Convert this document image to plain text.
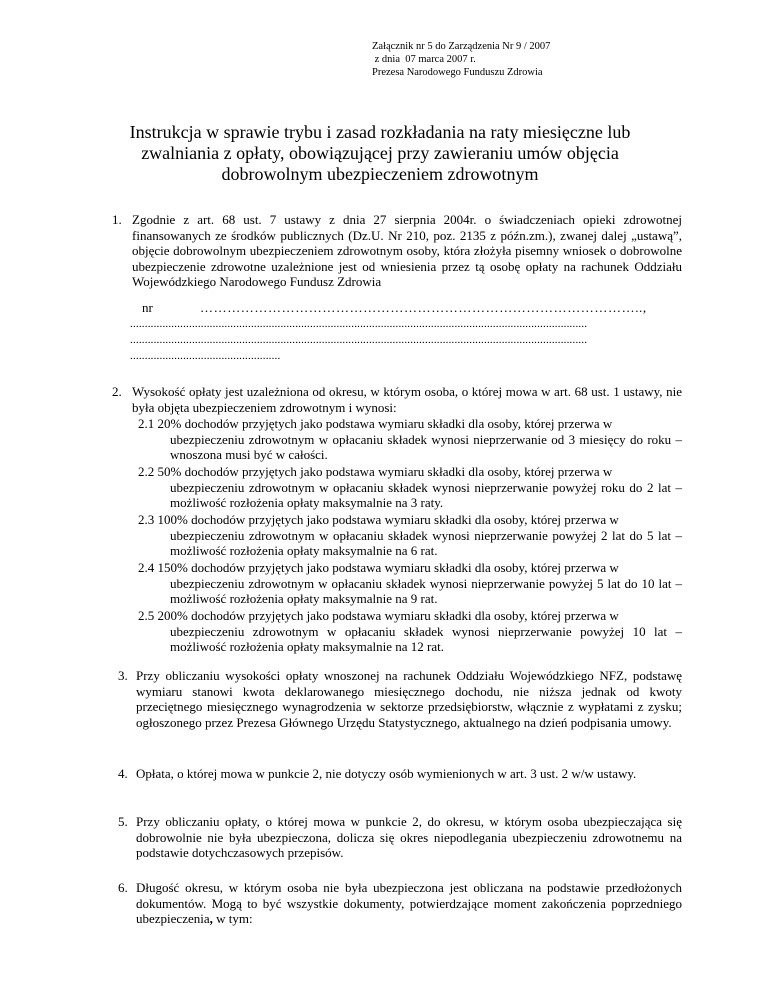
Załącznik nr 5 do Zarządzenia Nr 9 / 2007
z dnia  07 marca 2007 r.
Prezesa Narodowego Funduszu Zdrowia
Instrukcja w sprawie trybu i zasad rozkładania na raty miesięczne lub zwalniania z opłaty, obowiązującej przy zawieraniu umów objęcia dobrowolnym ubezpieczeniem zdrowotnym
1. Zgodnie z art. 68 ust. 7 ustawy z dnia 27 sierpnia 2004r. o świadczeniach opieki zdrowotnej finansowanych ze środków publicznych (Dz.U. Nr 210, poz. 2135 z późn.zm.), zwanej dalej „ustawą”, objęcie dobrowolnym ubezpieczeniem zdrowotnym osoby, która złożyła pisemny wniosek o dobrowolne ubezpieczenie zdrowotne uzależnione jest od wniesienia przez tą osobę opłaty na rachunek Oddziału Wojewódzkiego Narodowego Fundusz Zdrowia
nr	……………………………………………………………………………………..,
...........................................................................................................................................................
...........................................................................................................................................................
...................................................
2. Wysokość opłaty jest uzależniona od okresu, w którym osoba, o której mowa w art. 68 ust. 1 ustawy, nie była objęta ubezpieczeniem zdrowotnym i wynosi:
2.1 20% dochodów przyjętych jako podstawa wymiaru składki dla osoby, której przerwa w
ubezpieczeniu zdrowotnym w opłacaniu składek wynosi nieprzerwanie od 3 miesięcy do roku – wnoszona musi być w całości.
2.2 50% dochodów przyjętych jako podstawa wymiaru składki dla osoby, której przerwa w
ubezpieczeniu zdrowotnym w opłacaniu składek wynosi nieprzerwanie powyżej roku do 2 lat – możliwość rozłożenia opłaty maksymalnie na 3 raty.
2.3 100% dochodów przyjętych jako podstawa wymiaru składki dla osoby, której przerwa w
ubezpieczeniu zdrowotnym w opłacaniu składek wynosi nieprzerwanie powyżej 2 lat do 5 lat – możliwość rozłożenia opłaty maksymalnie na 6 rat.
2.4 150% dochodów przyjętych jako podstawa wymiaru składki dla osoby, której przerwa w
ubezpieczeniu zdrowotnym w opłacaniu składek wynosi nieprzerwanie powyżej 5 lat do 10 lat – możliwość rozłożenia opłaty maksymalnie na 9 rat.
2.5 200% dochodów przyjętych jako podstawa wymiaru składki dla osoby, której przerwa w
ubezpieczeniu zdrowotnym w opłacaniu składek wynosi nieprzerwanie powyżej 10 lat – możliwość rozłożenia opłaty maksymalnie na 12 rat.
3. Przy obliczaniu wysokości opłaty wnoszonej na rachunek Oddziału Wojewódzkiego NFZ, podstawę wymiaru stanowi kwota deklarowanego miesięcznego dochodu, nie niższa jednak od kwoty przeciętnego miesięcznego wynagrodzenia w sektorze przedsiębiorstw, włącznie z wypłatami z zysku; ogłoszonego przez Prezesa Głównego Urzędu Statystycznego, aktualnego na dzień podpisania umowy.
4. Opłata, o której mowa w punkcie 2, nie dotyczy osób wymienionych w art. 3 ust. 2 w/w ustawy.
5. Przy obliczaniu opłaty, o której mowa w punkcie 2, do okresu, w którym osoba ubezpieczająca się dobrowolnie nie była ubezpieczona, dolicza się okres niepodlegania ubezpieczeniu zdrowotnemu na podstawie dotychczasowych przepisów.
6. Długość okresu, w którym osoba nie była ubezpieczona jest obliczana na podstawie przedłożonych dokumentów. Mogą to być wszystkie dokumenty, potwierdzające moment zakończenia poprzedniego ubezpieczenia, w tym:
